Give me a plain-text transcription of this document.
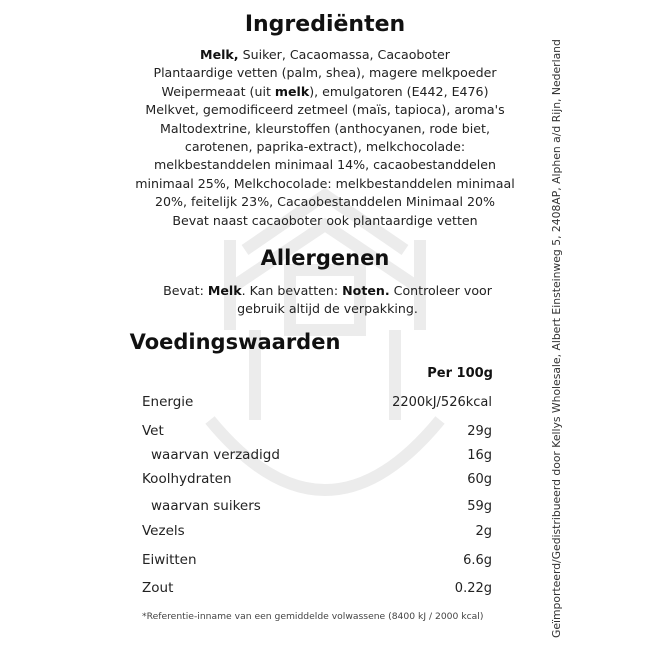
Ingrediënten
Melk, Suiker, Cacaomassa, Cacaoboter
Plantaardige vetten (palm, shea), magere melkpoeder
Weipermeaat (uit melk), emulgatoren (E442, E476)
Melkvet, gemodificeerd zetmeel (maïs, tapioca), aroma's
Maltodextrine, kleurstoffen (anthocyanen, rode biet,
carotenen, paprika-extract), melkchocolade:
melkbestanddelen minimaal 14%, cacaobestanddelen
minimaal 25%, Melkchocolade: melkbestanddelen minimaal
20%, feitelijk 23%, Cacaobestanddelen Minimaal 20%
Bevat naast cacaoboter ook plantaardige vetten
Allergenen
Bevat: Melk. Kan bevatten: Noten. Controleer voor gebruik altijd de verpakking.
Voedingswaarden
Per 100g
Energie	2200kJ/526kcal
Vet	29g
waarvan verzadigd	16g
Koolhydraten	60g
waarvan suikers	59g
Vezels	2g
Eiwitten	6.6g
Zout	0.22g
*Referentie-inname van een gemiddelde volwassene (8400 kJ / 2000 kcal)	Geïmporteerd/Gedistribueerd door Kellys Wholesale, Albert Einsteinweg 5, 2408AP, Alphen a/d Rijn, Nederland
